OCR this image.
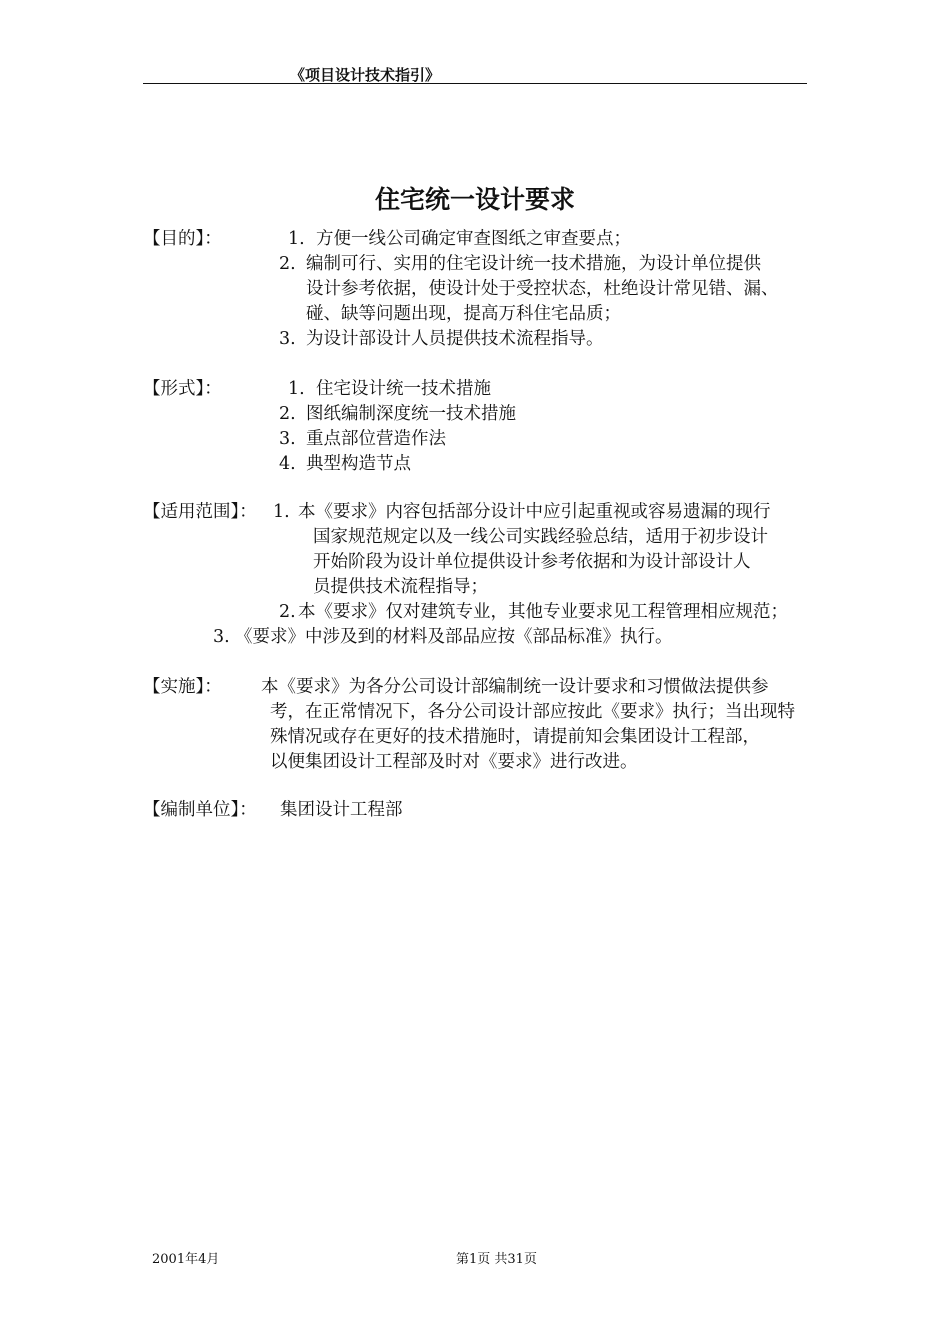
《项目设计技术指引》
住宅统一设计要求
【目的】：	1. 方便一线公司确定审查图纸之审查要点；
2. 编制可行、实用的住宅设计统一技术措施，为设计单位提供
设计参考依据，使设计处于受控状态，杜绝设计常见错、漏、
碰、缺等问题出现，提高万科住宅品质；
3. 为设计部设计人员提供技术流程指导。
【形式】：	1. 住宅设计统一技术措施
2. 图纸编制深度统一技术措施
3. 重点部位营造作法
4. 典型构造节点
【适用范围】： 1. 本《要求》内容包括部分设计中应引起重视或容易遗漏的现行
国家规范规定以及一线公司实践经验总结，适用于初步设计
开始阶段为设计单位提供设计参考依据和为设计部设计人
员提供技术流程指导；
2. 本《要求》仅对建筑专业，其他专业要求见工程管理相应规范；
3. 《要求》中涉及到的材料及部品应按《部品标准》执行。
【实施】： 本《要求》为各分公司设计部编制统一设计要求和习惯做法提供参
考，在正常情况下，各分公司设计部应按此《要求》执行；当出现特
殊情况或存在更好的技术措施时，请提前知会集团设计工程部，
以便集团设计工程部及时对《要求》进行改进。
【编制单位】： 集团设计工程部
2001年4月	第1页 共31页
